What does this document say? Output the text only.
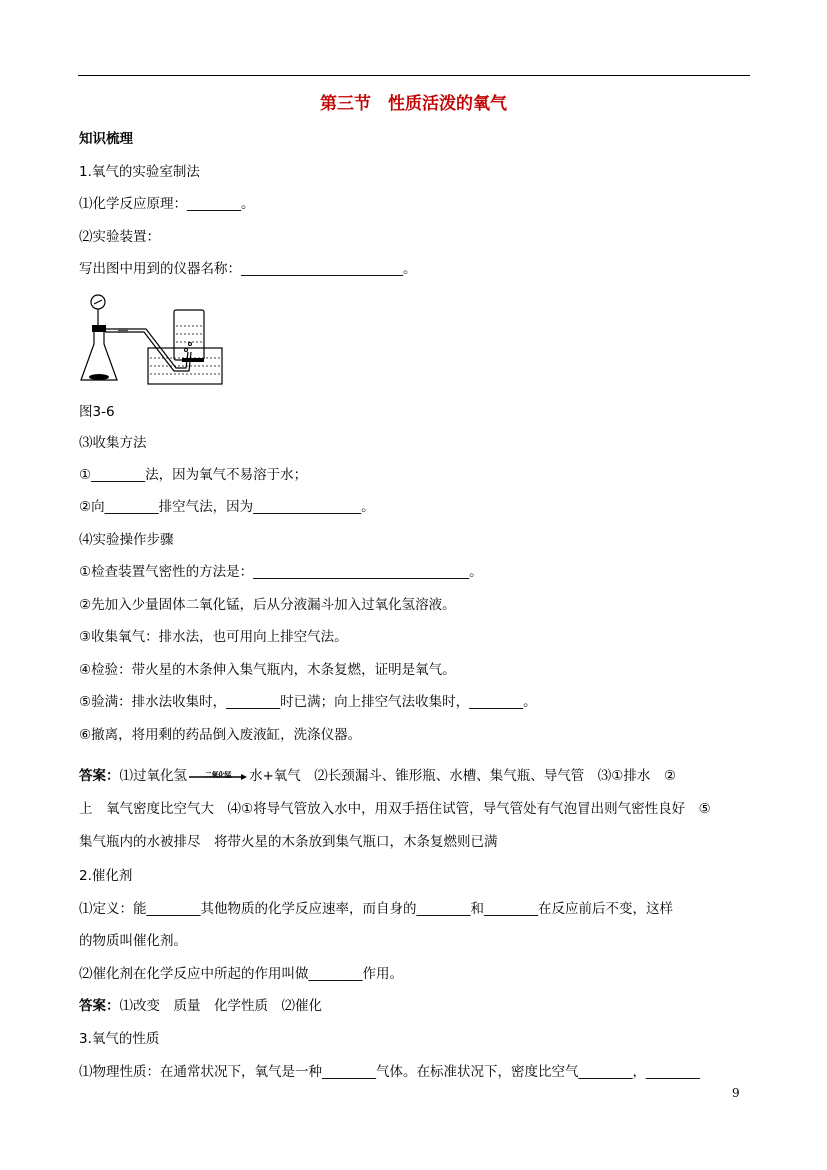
第三节　性质活泼的氧气
知识梳理
1.氧气的实验室制法
⑴化学反应原理：________。
⑵实验装置：
写出图中用到的仪器名称：________________________。
图3-6
⑶收集方法
①________法，因为氧气不易溶于水；
②向________排空气法，因为________________。
⑷实验操作步骤
①检查装置气密性的方法是：________________________________。
②先加入少量固体二氧化锰，后从分液漏斗加入过氧化氢溶液。
③收集氧气：排水法，也可用向上排空气法。
④检验：带火星的木条伸入集气瓶内，木条复燃，证明是氧气。
⑤验满：排水法收集时，________时已满；向上排空气法收集时，________。
⑥撤离，将用剩的药品倒入废液缸，洗涤仪器。
答案：⑴过氧化氢	二氧化锰	水+氧气　⑵长颈漏斗、锥形瓶、水槽、集气瓶、导气管　⑶①排水　②
上　氧气密度比空气大　⑷①将导气管放入水中，用双手捂住试管，导气管处有气泡冒出则气密性良好　⑤
集气瓶内的水被排尽　将带火星的木条放到集气瓶口，木条复燃则已满
2.催化剂
⑴定义：能________其他物质的化学反应速率，而自身的________和________在反应前后不变，这样
的物质叫催化剂。
⑵催化剂在化学反应中所起的作用叫做________作用。
答案：⑴改变　质量　化学性质　⑵催化
3.氧气的性质
⑴物理性质：在通常状况下，氧气是一种________气体。在标准状况下，密度比空气________，________
9
